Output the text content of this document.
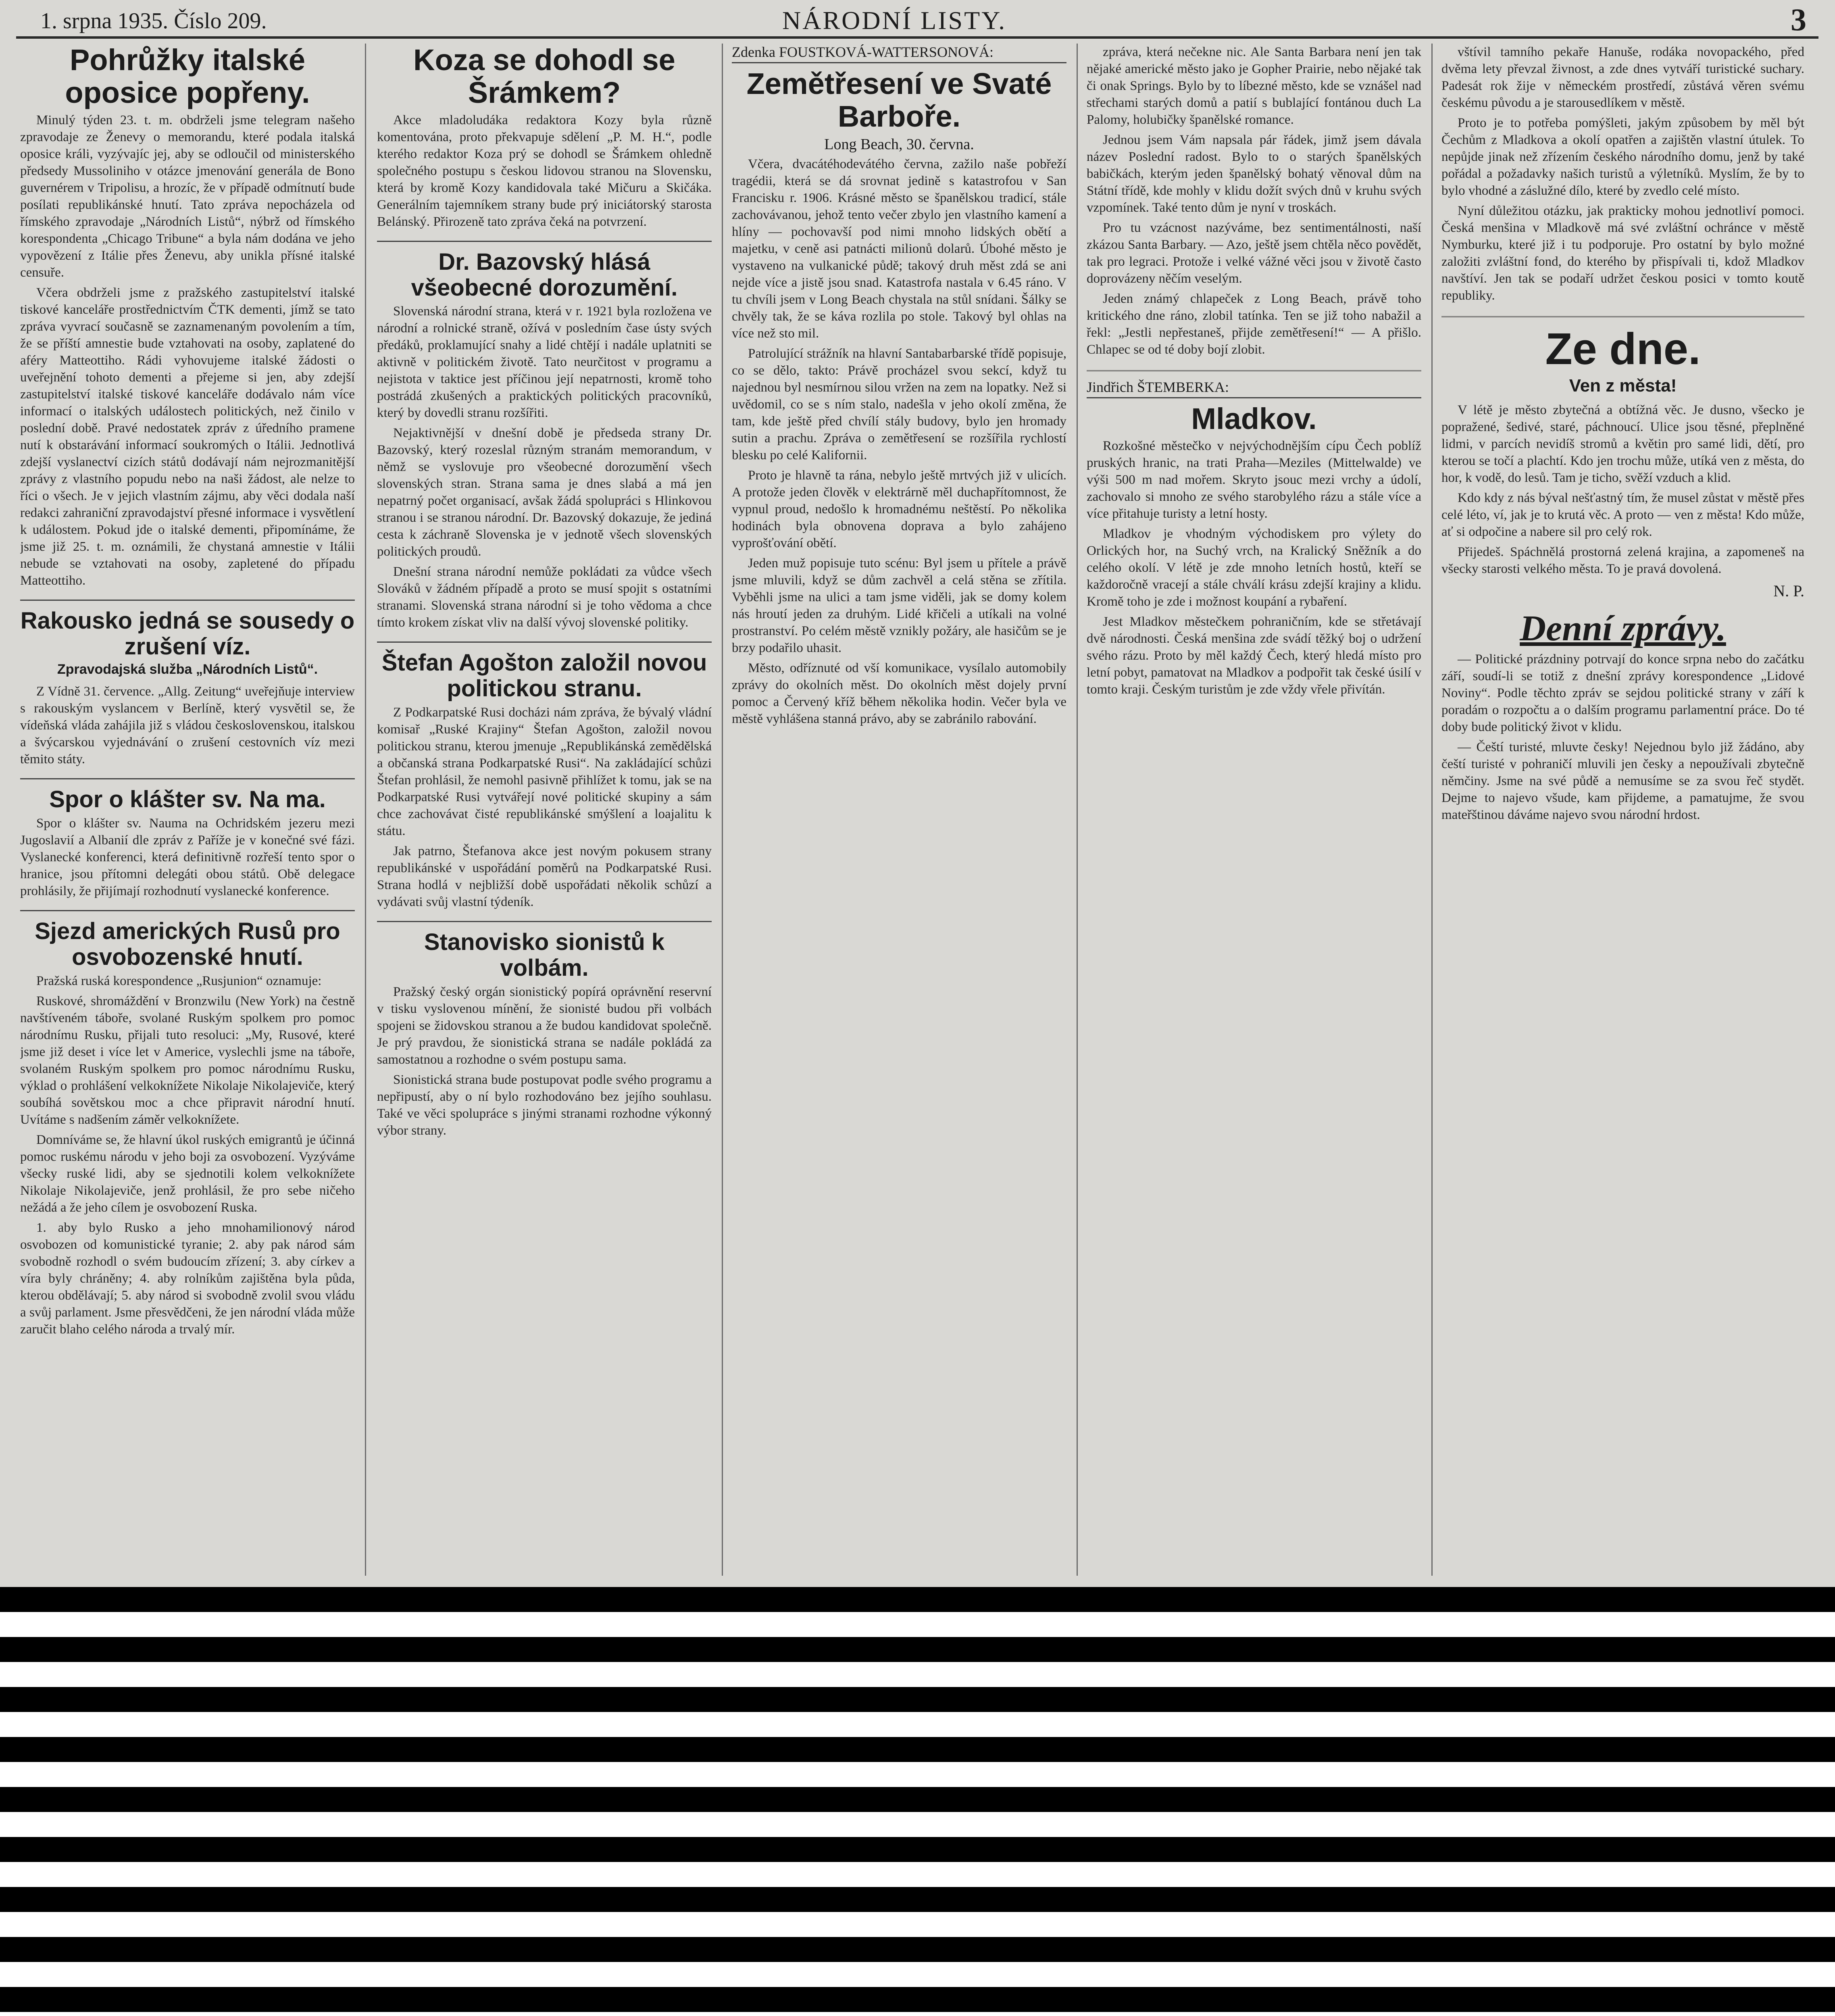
1. srpna 1935. Číslo 209.	NÁRODNÍ LISTY.	3
Pohrůžky italské oposice popřeny.

Minulý týden 23. t. m. obdrželi jsme telegram našeho zpravodaje ze Ženevy o memorandu, které podala italská oposice králi, vyzývajíc jej, aby se odloučil od ministerského předsedy Mussoliniho v otázce jmenování generála de Bono guvernérem v Tripolisu, a hrozíc, že v případě odmítnutí bude posílati republikánské hnutí. Tato zpráva nepocházela od římského zpravodaje „Národních Listů“, nýbrž od římského korespondenta „Chicago Tribune“ a byla nám dodána ve jeho vypovězení z Itálie přes Ženevu, aby unikla přísné italské censuře.

Včera obdrželi jsme z pražského zastupitelství italské tiskové kanceláře prostřednictvím ČTK dementi, jímž se tato zpráva vyvrací současně se zaznamenaným povolením a tím, že se příští amnestie bude vztahovati na osoby, zaplatené do aféry Matteottiho. Rádi vyhovujeme italské žádosti o uveřejnění tohoto dementi a přejeme si jen, aby zdejší zastupitelství italské tiskové kanceláře dodávalo nám více informací o italských událostech politických, než činilo v poslední době. Pravé nedostatek zpráv z úředního pramene nutí k obstarávání informací soukromých o Itálii. Jednotlivá zdejší vyslanectví cizích států dodávají nám nejrozmanitější zprávy z vlastního popudu nebo na naši žádost, ale nelze to říci o všech. Je v jejich vlastním zájmu, aby věci dodala naší redakci zahraniční zpravodajství přesné informace i vysvětlení k událostem. Pokud jde o italské dementi, připomínáme, že jsme již 25. t. m. oznámili, že chystaná amnestie v Itálii nebude se vztahovati na osoby, zapletené do případu Matteottiho.

Rakousko jedná se sousedy o zrušení víz.
Zpravodajská služba „Národních Listů“.

Z Vídně 31. července. „Allg. Zeitung“ uveřejňuje interview s rakouským vyslancem v Berlíně, který vysvětil se, že vídeňská vláda zahájila již s vládou československou, italskou a švýcarskou vyjednávání o zrušení cestovních víz mezi těmito státy.

Spor o klášter sv. Na ma.

Spor o klášter sv. Nauma na Ochridském jezeru mezi Jugoslavií a Albanií dle zpráv z Paříže je v konečné své fázi. Vyslanecké konferenci, která definitivně rozřeší tento spor o hranice, jsou přítomni delegáti obou států. Obě delegace prohlásily, že přijímají rozhodnutí vyslanecké konference.

Sjezd amerických Rusů pro osvobozenské hnutí.

Pražská ruská korespondence „Rusjunion“ oznamuje:

Ruskové, shromáždění v Bronzwilu (New York) na čestně navštíveném táboře, svolané Ruským spolkem pro pomoc národnímu Rusku, přijali tuto resoluci: „My, Rusové, které jsme již deset i více let v Americe, vyslechli jsme na táboře, svolaném Ruským spolkem pro pomoc národnímu Rusku, výklad o prohlášení velkoknížete Nikolaje Nikolajeviče, který soubíhá sovětskou moc a chce připravit národní hnutí. Uvítáme s nadšením záměr velkoknížete.

Domníváme se, že hlavní úkol ruských emigrantů je účinná pomoc ruskému národu v jeho boji za osvobození. Vyzýváme všecky ruské lidi, aby se sjednotili kolem velkoknížete Nikolaje Nikolajeviče, jenž prohlásil, že pro sebe ničeho nežádá a že jeho cílem je osvobození Ruska.

1. aby bylo Rusko a jeho mnohamilionový národ osvobozen od komunistické tyranie; 2. aby pak národ sám svobodně rozhodl o svém budoucím zřízení; 3. aby církev a víra byly chráněny; 4. aby rolníkům zajištěna byla půda, kterou obdělávají; 5. aby národ si svobodně zvolil svou vládu a svůj parlament. Jsme přesvědčeni, že jen národní vláda může zaručit blaho celého národa a trvalý mír.

Koza se dohodl se Šrámkem?

Akce mladoludáka redaktora Kozy byla různě komentována, proto překvapuje sdělení „P. M. H.“, podle kterého redaktor Koza prý se dohodl se Šrámkem ohledně společného postupu s českou lidovou stranou na Slovensku, která by kromě Kozy kandidovala také Mičuru a Skičáka. Generálním tajemníkem strany bude prý iniciátorský starosta Belánský. Přirozeně tato zpráva čeká na potvrzení.

Dr. Bazovský hlásá všeobecné dorozumění.

Slovenská národní strana, která v r. 1921 byla rozložena ve národní a rolnické straně, ožívá v posledním čase ústy svých předáků, proklamující snahy a lidé chtějí i nadále uplatniti se aktivně v politickém životě. Tato neurčitost v programu a nejistota v taktice jest příčinou její nepatrnosti, kromě toho postrádá zkušených a praktických politických pracovníků, který by dovedli stranu rozšířiti.

Nejaktivnější v dnešní době je předseda strany Dr. Bazovský, který rozeslal různým stranám memorandum, v němž se vyslovuje pro všeobecné dorozumění všech slovenských stran. Strana sama je dnes slabá a má jen nepatrný počet organisací, avšak žádá spolupráci s Hlinkovou stranou i se stranou národní. Dr. Bazovský dokazuje, že jediná cesta k záchraně Slovenska je v jednotě všech slovenských politických proudů.

Dnešní strana národní nemůže pokládati za vůdce všech Slováků v žádném případě a proto se musí spojit s ostatními stranami. Slovenská strana národní si je toho vědoma a chce tímto krokem získat vliv na další vývoj slovenské politiky.

Štefan Agošton založil novou politickou stranu.

Z Podkarpatské Rusi docházi nám zpráva, že bývalý vládní komisař „Ruské Krajiny“ Štefan Agošton, založil novou politickou stranu, kterou jmenuje „Republikánská zemědělská a občanská strana Podkarpatské Rusi“. Na zakládající schůzi Štefan prohlásil, že nemohl pasivně přihlížet k tomu, jak se na Podkarpatské Rusi vytvářejí nové politické skupiny a sám chce zachovávat čisté republikánské smýšlení a loajalitu k státu.

Jak patrno, Štefanova akce jest novým pokusem strany republikánské v uspořádání poměrů na Podkarpatské Rusi. Strana hodlá v nejbližší době uspořádati několik schůzí a vydávati svůj vlastní týdeník.

Stanovisko sionistů k volbám.

Pražský český orgán sionistický popírá oprávnění reservní v tisku vyslovenou mínění, že sionisté budou při volbách spojeni se židovskou stranou a že budou kandidovat společně. Je prý pravdou, že sionistická strana se nadále pokládá za samostatnou a rozhodne o svém postupu sama.

Sionistická strana bude postupovat podle svého programu a nepřipustí, aby o ní bylo rozhodováno bez jejího souhlasu. Také ve věci spolupráce s jinými stranami rozhodne výkonný výbor strany.

Zdenka FOUSTKOVÁ-WATTERSONOVÁ:
Zemětřesení ve Svaté Barboře.
Long Beach, 30. června.

Včera, dvacátéhodevátého června, zažilo naše pobřeží tragédii, která se dá srovnat jedině s katastrofou v San Francisku r. 1906. Krásné město se španělskou tradicí, stále zachovávanou, jehož tento večer zbylo jen vlastního kamení a hlíny — pochovavší pod nimi mnoho lidských obětí a majetku, v ceně asi patnácti milionů dolarů. Úbohé město je vystaveno na vulkanické půdě; takový druh měst zdá se ani nejde více a jistě jsou snad. Katastrofa nastala v 6.45 ráno. V tu chvíli jsem v Long Beach chystala na stůl snídani. Šálky se chvěly tak, že se káva rozlila po stole. Takový byl ohlas na více než sto mil.

Patrolující strážník na hlavní Santabarbarské třídě popisuje, co se dělo, takto: Právě procházel svou sekcí, když tu najednou byl nesmírnou silou vržen na zem na lopatky. Než si uvědomil, co se s ním stalo, nadešla v jeho okolí změna, že tam, kde ještě před chvílí stály budovy, bylo jen hromady sutin a prachu. Zpráva o zemětřesení se rozšířila rychlostí blesku po celé Kalifornii.

Proto je hlavně ta rána, nebylo ještě mrtvých již v ulicích. A protože jeden člověk v elektrárně měl duchapřítomnost, že vypnul proud, nedošlo k hromadnému neštěstí. Po několika hodinách byla obnovena doprava a bylo zahájeno vyprošťování obětí.

Jeden muž popisuje tuto scénu: Byl jsem u přítele a právě jsme mluvili, když se dům zachvěl a celá stěna se zřítila. Vyběhli jsme na ulici a tam jsme viděli, jak se domy kolem nás hroutí jeden za druhým. Lidé křičeli a utíkali na volné prostranství. Po celém městě vznikly požáry, ale hasičům se je brzy podařilo uhasit.

Město, odříznuté od vší komunikace, vysílalo automobily zprávy do okolních měst. Do okolních měst dojely první pomoc a Červený kříž během několika hodin. Večer byla ve městě vyhlášena stanná právo, aby se zabránilo rabování.

zpráva, která nečekne nic. Ale Santa Barbara není jen tak nějaké americké město jako je Gopher Prairie, nebo nějaké tak či onak Springs. Bylo by to líbezné město, kde se vznášel nad střechami starých domů a patií s bublající fontánou duch La Palomy, holubičky španělské romance.

Jednou jsem Vám napsala pár řádek, jimž jsem dávala název Poslední radost. Bylo to o starých španělských babičkách, kterým jeden španělský bohatý věnoval dům na Státní třídě, kde mohly v klidu dožít svých dnů v kruhu svých vzpomínek. Také tento dům je nyní v troskách.

Pro tu vzácnost nazýváme, bez sentimentálnosti, naší zkázou Santa Barbary. — Azo, ještě jsem chtěla něco povědět, tak pro legraci. Protože i velké vážné věci jsou v životě často doprovázeny něčím veselým.

Jeden známý chlapeček z Long Beach, právě toho kritického dne ráno, zlobil tatínka. Ten se již toho nabažil a řekl: „Jestli nepřestaneš, přijde zemětřesení!“ — A přišlo. Chlapec se od té doby bojí zlobit.

Jindřich ŠTEMBERKA:
Mladkov.

Rozkošné městečko v nejvýchodnějším cípu Čech poblíž pruských hranic, na trati Praha—Meziles (Mittelwalde) ve výši 500 m nad mořem. Skryto jsouc mezi vrchy a údolí, zachovalo si mnoho ze svého starobylého rázu a stále více a více přitahuje turisty a letní hosty.

Mladkov je vhodným východiskem pro výlety do Orlických hor, na Suchý vrch, na Kralický Sněžník a do celého okolí. V létě je zde mnoho letních hostů, kteří se každoročně vracejí a stále chválí krásu zdejší krajiny a klidu. Kromě toho je zde i možnost koupání a rybaření.

Jest Mladkov městečkem pohraničním, kde se střetávají dvě národnosti. Česká menšina zde svádí těžký boj o udržení svého rázu. Proto by měl každý Čech, který hledá místo pro letní pobyt, pamatovat na Mladkov a podpořit tak české úsilí v tomto kraji. Českým turistům je zde vždy vřele přivítán.

vštívil tamního pekaře Hanuše, rodáka novopackého, před dvěma lety převzal živnost, a zde dnes vytváří turistické suchary. Padesát rok žije v německém prostředí, zůstává věren svému českému původu a je starousedlíkem v městě.

Proto je to potřeba pomýšleti, jakým způsobem by měl být Čechům z Mladkova a okolí opatřen a zajištěn vlastní útulek. To nepůjde jinak než zřízením českého národního domu, jenž by také pořádal a požadavky našich turistů a výletníků. Myslím, že by to bylo vhodné a záslužné dílo, které by zvedlo celé místo.

Nyní důležitou otázku, jak prakticky mohou jednotliví pomoci. Česká menšina v Mladkově má své zvláštní ochránce v městě Nymburku, které již i tu podporuje. Pro ostatní by bylo možné založiti zvláštní fond, do kterého by přispívali ti, kdož Mladkov navštíví. Jen tak se podaří udržet českou posici v tomto koutě republiky.

Ze dne.
Ven z města!

V létě je město zbytečná a obtížná věc. Je dusno, všecko je popražené, šedivé, staré, páchnoucí. Ulice jsou těsné, přeplněné lidmi, v parcích nevidíš stromů a květin pro samé lidi, dětí, pro kterou se točí a plachtí. Kdo jen trochu může, utíká ven z města, do hor, k vodě, do lesů. Tam je ticho, svěží vzduch a klid.

Kdo kdy z nás býval nešťastný tím, že musel zůstat v městě přes celé léto, ví, jak je to krutá věc. A proto — ven z města! Kdo může, ať si odpočine a nabere sil pro celý rok.

Přijedeš. Spáchnělá prostorná zelená krajina, a zapomeneš na všecky starosti velkého města. To je pravá dovolená.

N. P.
Denní zprávy.

— Politické prázdniny potrvají do konce srpna nebo do začátku září, soudí-li se totiž z dnešní zprávy korespondence „Lidové Noviny“. Podle těchto zpráv se sejdou politické strany v září k poradám o rozpočtu a o dalším programu parlamentní práce. Do té doby bude politický život v klidu.

— Čeští turisté, mluvte česky! Nejednou bylo již žádáno, aby čeští turisté v pohraničí mluvili jen česky a nepoužívali zbytečně němčiny. Jsme na své půdě a nemusíme se za svou řeč stydět. Dejme to najevo všude, kam přijdeme, a pamatujme, že svou mateřštinou dáváme najevo svou národní hrdost.
